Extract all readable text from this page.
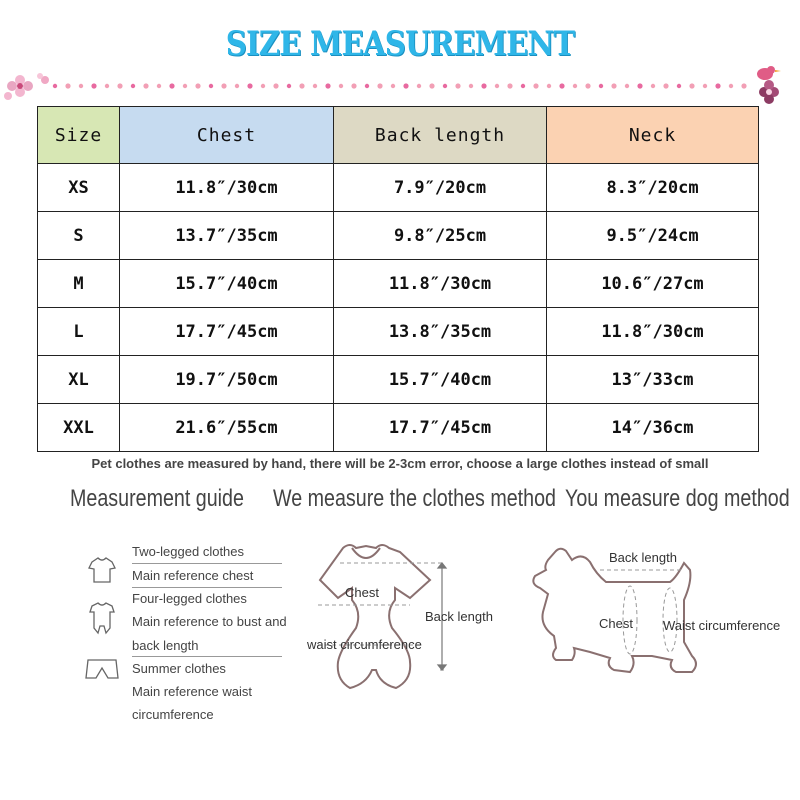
SIZE MEASUREMENT
Size	Chest	Back length	Neck
XS	11.8″/30cm	7.9″/20cm	8.3″/20cm
S	13.7″/35cm	9.8″/25cm	9.5″/24cm
M	15.7″/40cm	11.8″/30cm	10.6″/27cm
L	17.7″/45cm	13.8″/35cm	11.8″/30cm
XL	19.7″/50cm	15.7″/40cm	13″/33cm
XXL	21.6″/55cm	17.7″/45cm	14″/36cm
Pet clothes are measured by hand, there will be 2-3cm error, choose a large clothes instead of small
Measurement guide We measure the clothes method You measure dog method
Two-legged clothes
Main reference chest
Four-legged clothes
Main reference to bust and
back length
Summer clothes
Main reference waist
circumference
Chest
Back length
waist circumference
Back length
Chest Waist circumference
